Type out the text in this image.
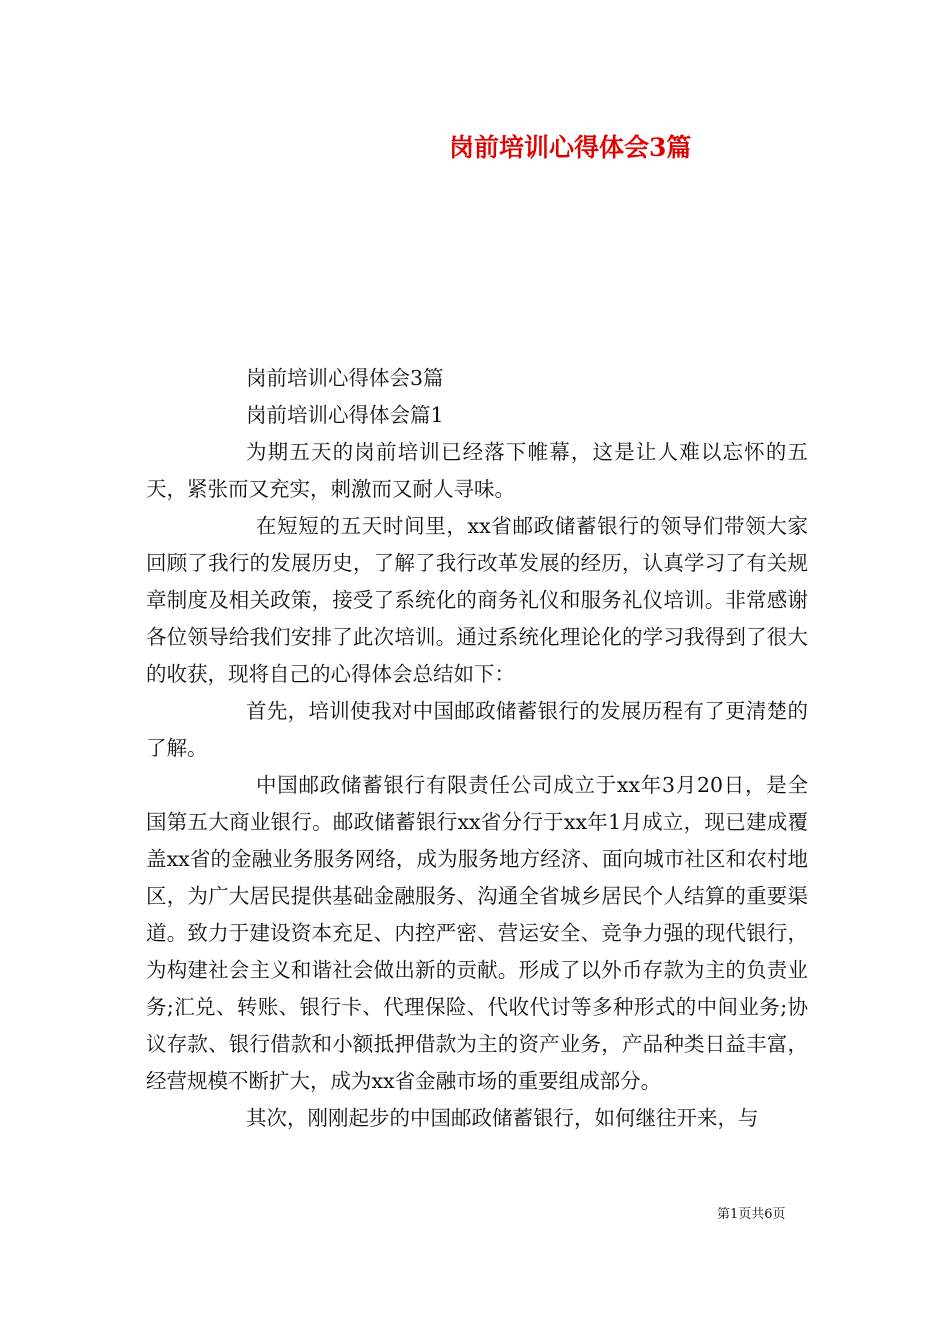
岗前培训心得体会3篇

岗前培训心得体会3篇

岗前培训心得体会篇1

为期五天的岗前培训已经落下帷幕，这是让人难以忘怀的五天，紧张而又充实，刺激而又耐人寻味。

在短短的五天时间里，xx省邮政储蓄银行的领导们带领大家回顾了我行的发展历史，了解了我行改革发展的经历，认真学习了有关规章制度及相关政策，接受了系统化的商务礼仪和服务礼仪培训。非常感谢各位领导给我们安排了此次培训。通过系统化理论化的学习我得到了很大的收获，现将自己的心得体会总结如下：

首先，培训使我对中国邮政储蓄银行的发展历程有了更清楚的了解。

中国邮政储蓄银行有限责任公司成立于xx年3月20日，是全国第五大商业银行。邮政储蓄银行xx省分行于xx年1月成立，现已建成覆盖xx省的金融业务服务网络，成为服务地方经济、面向城市社区和农村地区，为广大居民提供基础金融服务、沟通全省城乡居民个人结算的重要渠道。致力于建设资本充足、内控严密、营运安全、竞争力强的现代银行，为构建社会主义和谐社会做出新的贡献。形成了以外币存款为主的负责业务;汇兑、转账、银行卡、代理保险、代收代讨等多种形式的中间业务;协议存款、银行借款和小额抵押借款为主的资产业务，产品种类日益丰富，经营规模不断扩大，成为xx省金融市场的重要组成部分。

其次，刚刚起步的中国邮政储蓄银行，如何继往开来，与

第1页共6页
